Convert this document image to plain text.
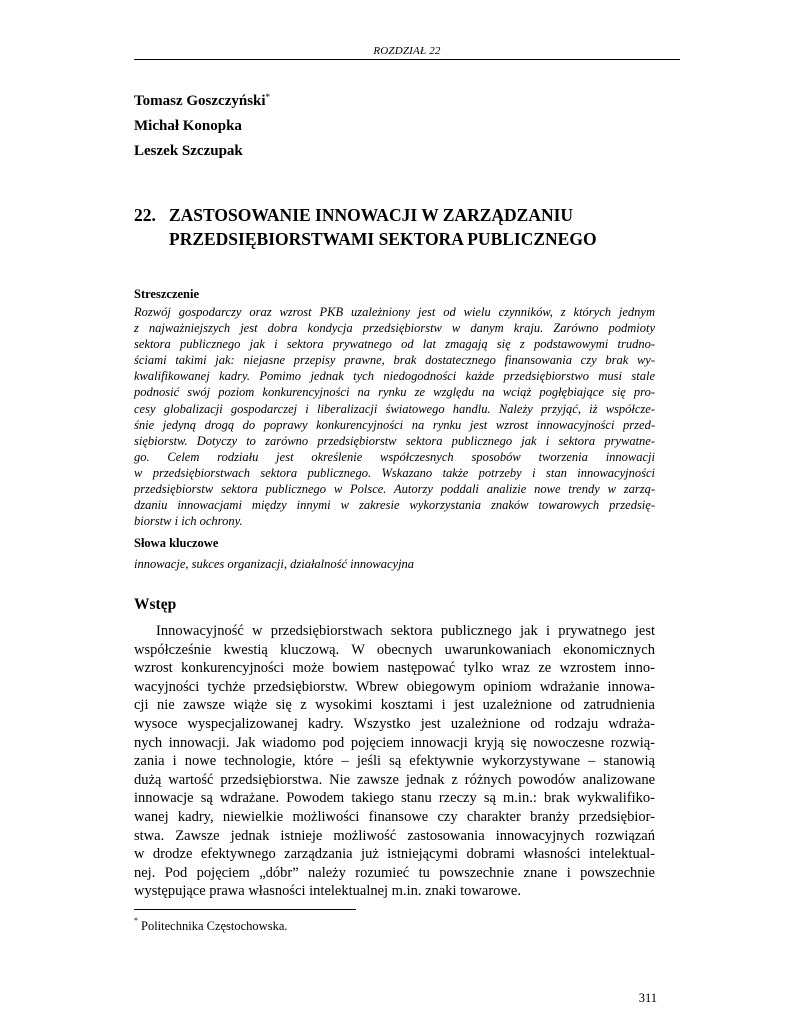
ROZDZIAŁ 22
Tomasz Goszczyński*
Michał Konopka
Leszek Szczupak
22. ZASTOSOWANIE INNOWACJI W ZARZĄDZANIU
PRZEDSIĘBIORSTWAMI SEKTORA PUBLICZNEGO
Streszczenie
Rozwój gospodarczy oraz wzrost PKB uzależniony jest od wielu czynników, z których jednym
z najważniejszych jest dobra kondycja przedsiębiorstw w danym kraju. Zarówno podmioty
sektora publicznego jak i sektora prywatnego od lat zmagają się z podstawowymi trudno-
ściami takimi jak: niejasne przepisy prawne, brak dostatecznego finansowania czy brak wy-
kwalifikowanej kadry. Pomimo jednak tych niedogodności każde przedsiębiorstwo musi stale
podnosić swój poziom konkurencyjności na rynku ze względu na wciąż pogłębiające się pro-
cesy globalizacji gospodarczej i liberalizacji światowego handlu. Należy przyjąć, iż współcze-
śnie jedyną drogą do poprawy konkurencyjności na rynku jest wzrost innowacyjności przed-
siębiorstw. Dotyczy to zarówno przedsiębiorstw sektora publicznego jak i sektora prywatne-
go. Celem rodziału jest określenie współczesnych sposobów tworzenia innowacji
w przedsiębiorstwach sektora publicznego. Wskazano także potrzeby i stan innowacyjności
przedsiębiorstw sektora publicznego w Polsce. Autorzy poddali analizie nowe trendy w zarzą-
dzaniu innowacjami między innymi w zakresie wykorzystania znaków towarowych przedsię-
biorstw i ich ochrony.
Słowa kluczowe
innowacje, sukces organizacji, działalność innowacyjna
Wstęp
Innowacyjność w przedsiębiorstwach sektora publicznego jak i prywatnego jest
współcześnie kwestią kluczową. W obecnych uwarunkowaniach ekonomicznych
wzrost konkurencyjności może bowiem następować tylko wraz ze wzrostem inno-
wacyjności tychże przedsiębiorstw. Wbrew obiegowym opiniom wdrażanie innowa-
cji nie zawsze wiąże się z wysokimi kosztami i jest uzależnione od zatrudnienia
wysoce wyspecjalizowanej kadry. Wszystko jest uzależnione od rodzaju wdraża-
nych innowacji. Jak wiadomo pod pojęciem innowacji kryją się nowoczesne rozwią-
zania i nowe technologie, które – jeśli są efektywnie wykorzystywane – stanowią
dużą wartość przedsiębiorstwa. Nie zawsze jednak z różnych powodów analizowane
innowacje są wdrażane. Powodem takiego stanu rzeczy są m.in.: brak wykwalifiko-
wanej kadry, niewielkie możliwości finansowe czy charakter branży przedsiębior-
stwa. Zawsze jednak istnieje możliwość zastosowania innowacyjnych rozwiązań
w drodze efektywnego zarządzania już istniejącymi dobrami własności intelektual-
nej. Pod pojęciem „dóbr” należy rozumieć tu powszechnie znane i powszechnie
występujące prawa własności intelektualnej m.in. znaki towarowe.
* Politechnika Częstochowska.
311
